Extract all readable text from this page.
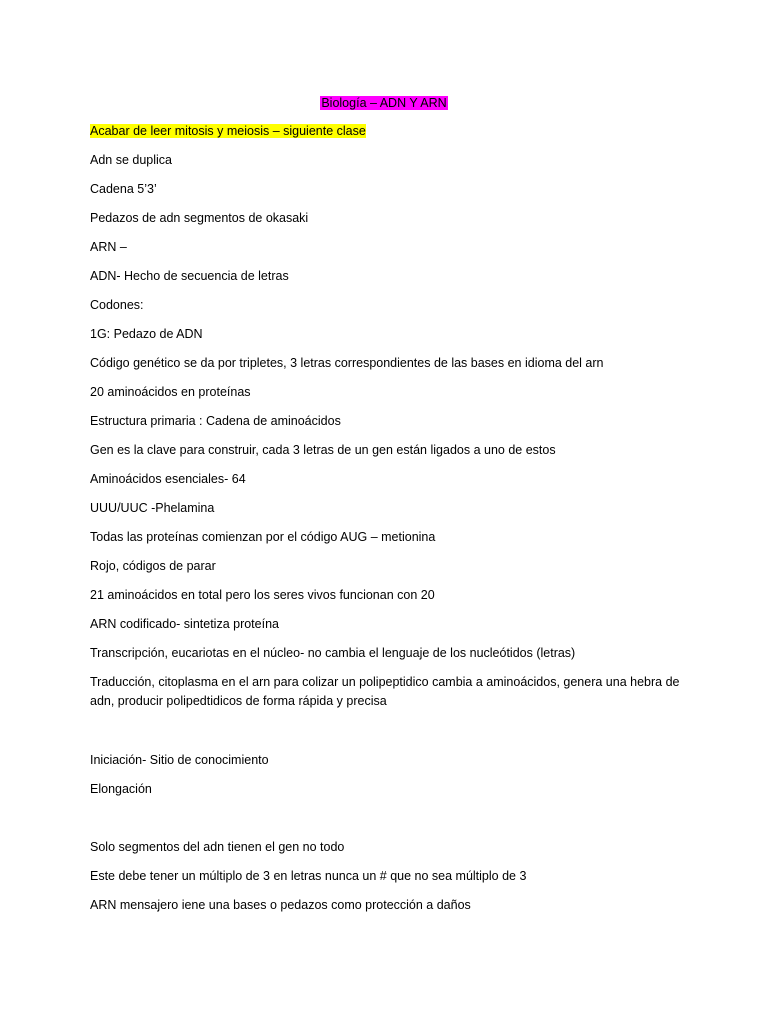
Biología – ADN Y ARN
Acabar de leer mitosis y meiosis – siguiente clase
Adn se duplica
Cadena 5’3’
Pedazos de adn segmentos de okasaki
ARN –
ADN- Hecho de secuencia de letras
Codones:
1G: Pedazo de ADN
Código genético se da por tripletes, 3 letras correspondientes de las bases en idioma del arn
20 aminoácidos en proteínas
Estructura primaria : Cadena de aminoácidos
Gen es la clave para construir, cada 3 letras de un gen están ligados a uno de estos
Aminoácidos esenciales- 64
UUU/UUC -Phelamina
Todas las proteínas comienzan por el código AUG – metionina
Rojo, códigos de parar
21 aminoácidos en total pero los seres vivos funcionan con 20
ARN codificado- sintetiza proteína
Transcripción, eucariotas en el núcleo- no cambia el lenguaje de los nucleótidos (letras)
Traducción, citoplasma en el arn para colizar un polipeptidico cambia a aminoácidos, genera una hebra de adn, producir polipedtidicos de forma rápida y precisa
Iniciación- Sitio de conocimiento
Elongación
Solo segmentos del adn tienen el gen no todo
Este debe tener un múltiplo de 3 en letras nunca un # que no sea múltiplo de 3
ARN mensajero iene una bases o pedazos como protección a daños
